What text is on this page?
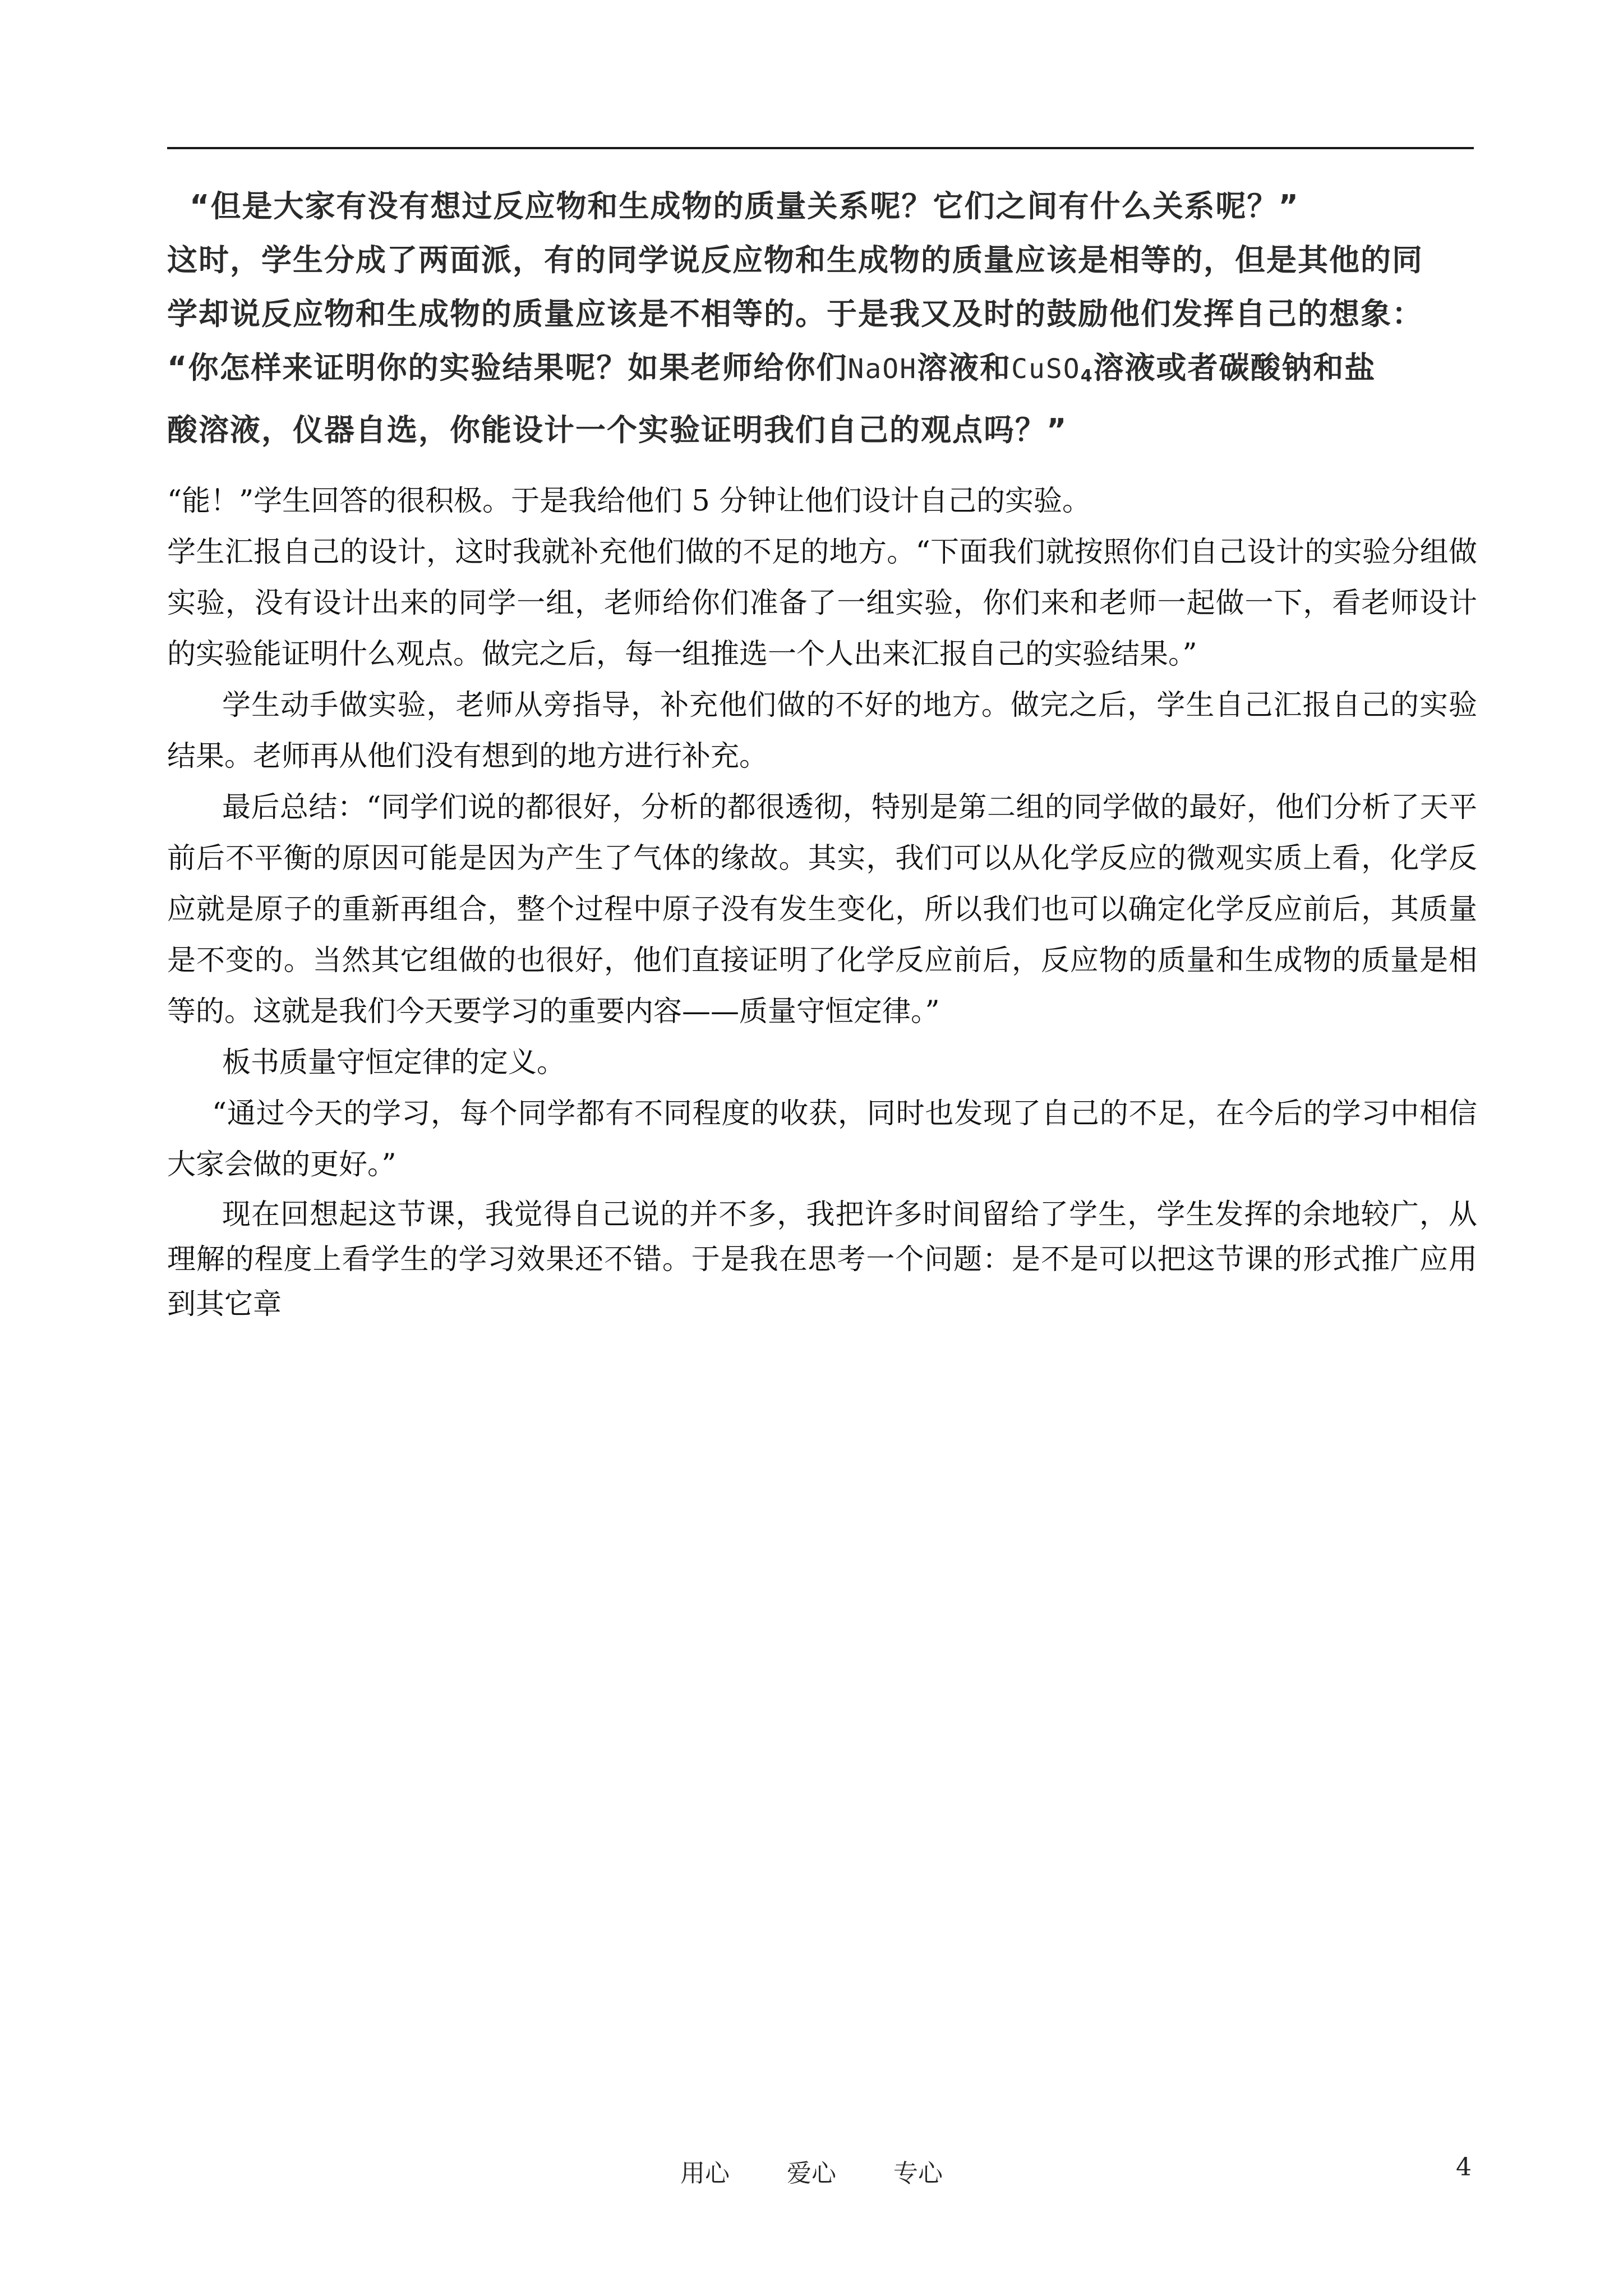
“但是大家有没有想过反应物和生成物的质量关系呢？它们之间有什么关系呢？”
这时，学生分成了两面派，有的同学说反应物和生成物的质量应该是相等的，但是其他的同
学却说反应物和生成物的质量应该是不相等的。于是我又及时的鼓励他们发挥自己的想象：
“你怎样来证明你的实验结果呢？如果老师给你们NaOH溶液和CuSO$_4$溶液或者碳酸钠和盐
酸溶液，仪器自选，你能设计一个实验证明我们自己的观点吗？”

“能！”学生回答的很积极。于是我给他们 5 分钟让他们设计自己的实验。

学生汇报自己的设计，这时我就补充他们做的不足的地方。“下面我们就按照你们自己设计的实验分组做实验，没有设计出来的同学一组，老师给你们准备了一组实验，你们来和老师一起做一下，看老师设计的实验能证明什么观点。做完之后，每一组推选一个人出来汇报自己的实验结果。”

学生动手做实验，老师从旁指导，补充他们做的不好的地方。做完之后，学生自己汇报自己的实验结果。老师再从他们没有想到的地方进行补充。

最后总结：“同学们说的都很好，分析的都很透彻，特别是第二组的同学做的最好，他们分析了天平前后不平衡的原因可能是因为产生了气体的缘故。其实，我们可以从化学反应的微观实质上看，化学反应就是原子的重新再组合，整个过程中原子没有发生变化，所以我们也可以确定化学反应前后，其质量是不变的。当然其它组做的也很好，他们直接证明了化学反应前后，反应物的质量和生成物的质量是相等的。这就是我们今天要学习的重要内容——质量守恒定律。”

板书质量守恒定律的定义。

“通过今天的学习，每个同学都有不同程度的收获，同时也发现了自己的不足，在今后的学习中相信大家会做的更好。”

现在回想起这节课，我觉得自己说的并不多，我把许多时间留给了学生，学生发挥的余地较广，从理解的程度上看学生的学习效果还不错。于是我在思考一个问题：是不是可以把这节课的形式推广应用到其它章

用心 爱心 专心	4
